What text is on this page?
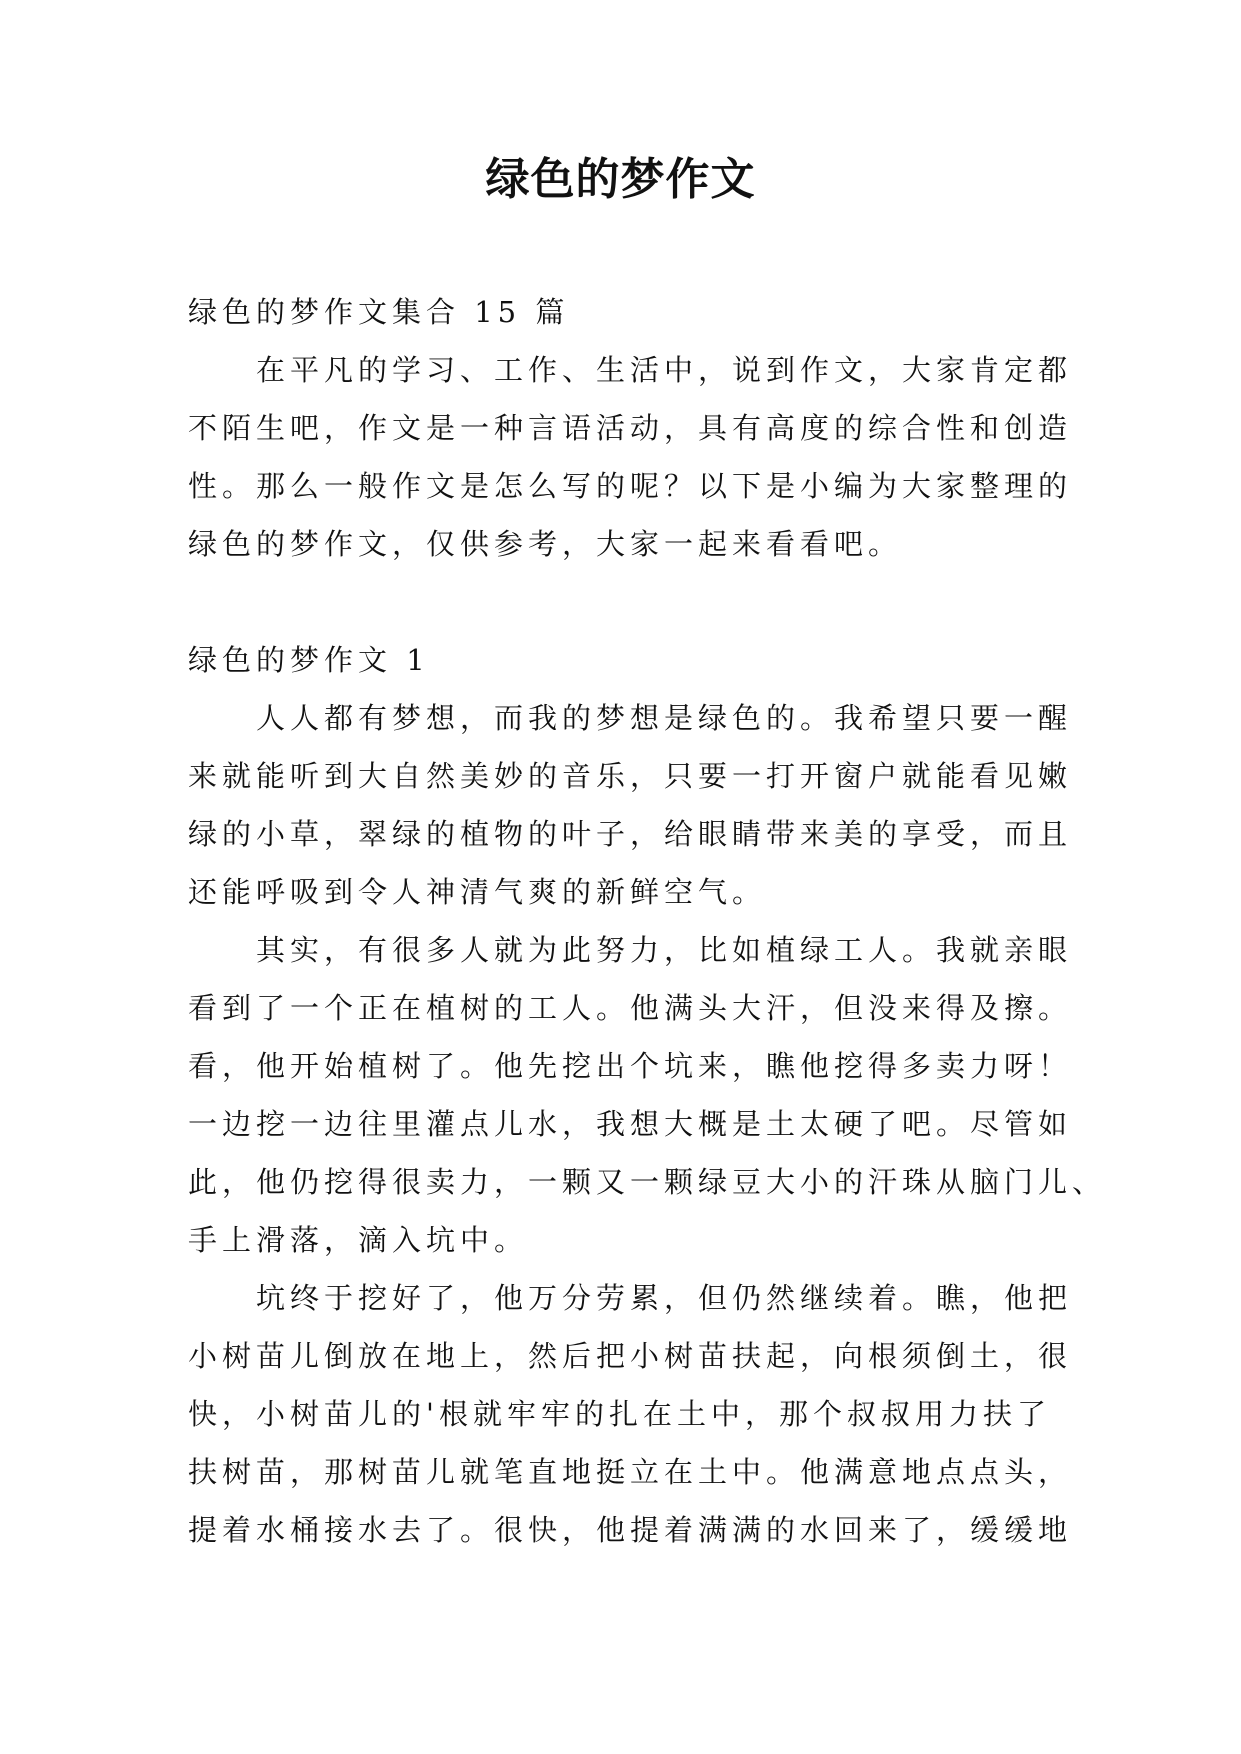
绿色的梦作文
绿色的梦作文集合 15 篇
在平凡的学习、工作、生活中，说到作文，大家肯定都
不陌生吧，作文是一种言语活动，具有高度的综合性和创造
性。那么一般作文是怎么写的呢？以下是小编为大家整理的
绿色的梦作文，仅供参考，大家一起来看看吧。
绿色的梦作文 1
人人都有梦想，而我的梦想是绿色的。我希望只要一醒
来就能听到大自然美妙的音乐，只要一打开窗户就能看见嫩
绿的小草，翠绿的植物的叶子，给眼睛带来美的享受，而且
还能呼吸到令人神清气爽的新鲜空气。
其实，有很多人就为此努力，比如植绿工人。我就亲眼
看到了一个正在植树的工人。他满头大汗，但没来得及擦。
看，他开始植树了。他先挖出个坑来，瞧他挖得多卖力呀！
一边挖一边往里灌点儿水，我想大概是土太硬了吧。尽管如
此，他仍挖得很卖力，一颗又一颗绿豆大小的汗珠从脑门儿、
手上滑落，滴入坑中。
坑终于挖好了，他万分劳累，但仍然继续着。瞧，他把
小树苗儿倒放在地上，然后把小树苗扶起，向根须倒土，很
快，小树苗儿的'根就牢牢的扎在土中，那个叔叔用力扶了
扶树苗，那树苗儿就笔直地挺立在土中。他满意地点点头，
提着水桶接水去了。很快，他提着满满的水回来了，缓缓地
